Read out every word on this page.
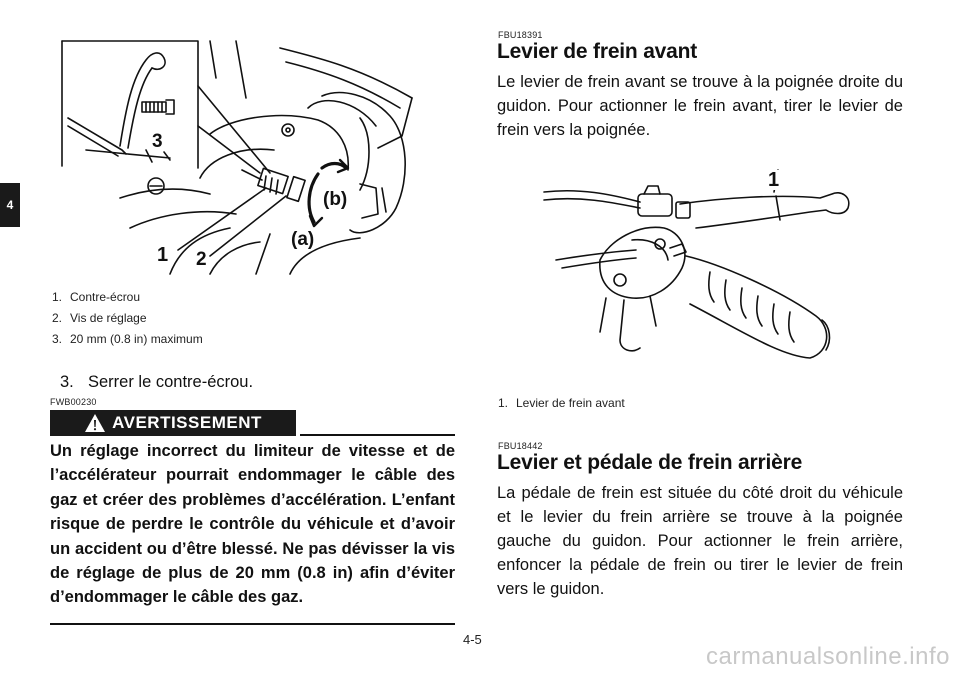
4
3
1 2
(a)
(b)
1. Contre-écrou
2. Vis de réglage
3. 20 mm (0.8 in) maximum
3. Serrer le contre-écrou.
FWB00230
AVERTISSEMENT

Un réglage incorrect du limiteur de vitesse et de l’accélérateur pourrait endommager le câble des gaz et créer des problèmes d’accélération. L’enfant risque de perdre le contrôle du véhicule et d’avoir un accident ou d’être blessé. Ne pas dévisser la vis de réglage de plus de 20 mm (0.8 in) afin d’éviter d’endommager le câble des gaz.

FBU18391
Levier de frein avant

Le levier de frein avant se trouve à la poignée droite du guidon. Pour actionner le frein avant, tirer le levier de frein vers la poignée.

1
1. Levier de frein avant
FBU18442
Levier et pédale de frein arrière

La pédale de frein est située du côté droit du véhicule et le levier du frein arrière se trouve à la poignée gauche du guidon. Pour actionner le frein arrière, enfoncer la pédale de frein ou tirer le levier de frein vers le guidon.

4-5
carmanualsonline.info
